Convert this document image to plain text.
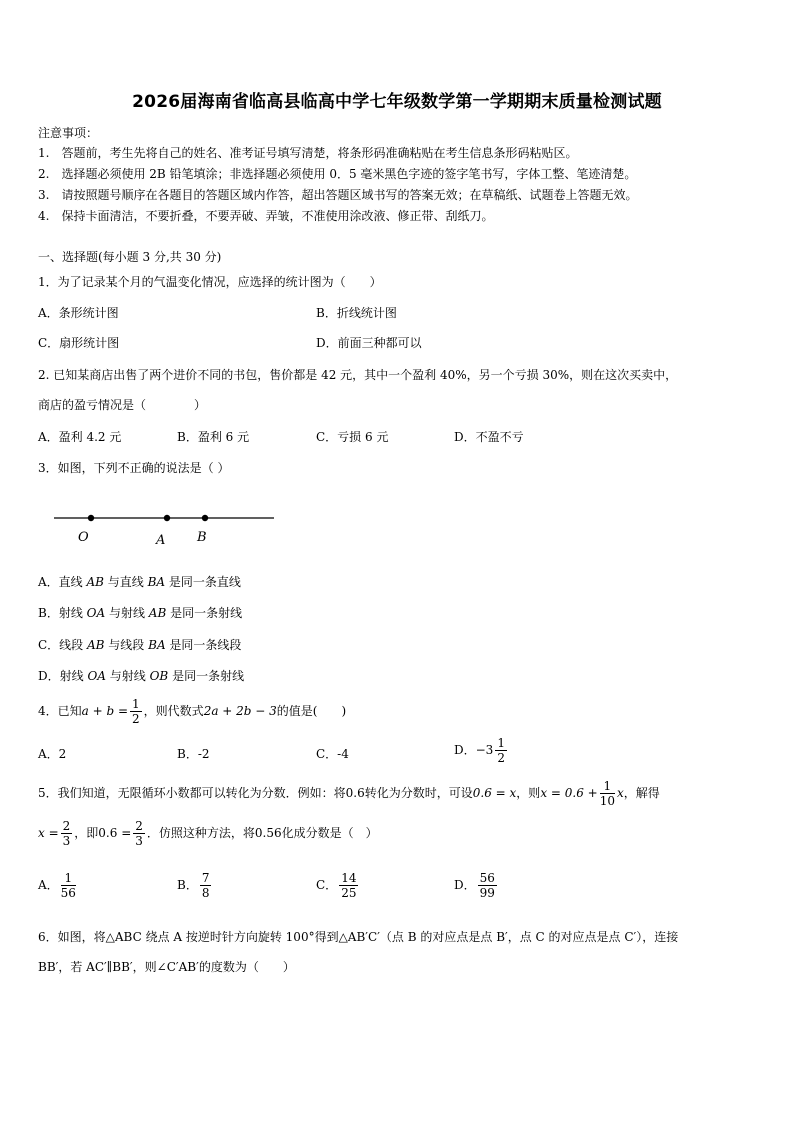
2026届海南省临高县临高中学七年级数学第一学期期末质量检测试题
注意事项：
1.　答题前，考生先将自己的姓名、准考证号填写清楚，将条形码准确粘贴在考生信息条形码粘贴区。
2.　选择题必须使用 2B 铅笔填涂；非选择题必须使用 0．5 毫米黑色字迹的签字笔书写，字体工整、笔迹清楚。
3.　请按照题号顺序在各题目的答题区域内作答，超出答题区域书写的答案无效；在草稿纸、试题卷上答题无效。
4.　保持卡面清洁，不要折叠，不要弄破、弄皱，不准使用涂改液、修正带、刮纸刀。
一、选择题(每小题 3 分,共 30 分)
1．为了记录某个月的气温变化情况，应选择的统计图为（　　）
A．条形统计图	B．折线统计图
C．扇形统计图	D．前面三种都可以
2. 已知某商店出售了两个进价不同的书包，售价都是 42 元，其中一个盈利 40%，另一个亏损 30%，则在这次买卖中，
商店的盈亏情况是（　　　　）
A．盈利 4.2 元	B．盈利 6 元	C．亏损 6 元	D．不盈不亏
3．如图，下列不正确的说法是（ ）
O	A B
A．直线 AB 与直线 BA 是同一条直线
B．射线 OA 与射线 AB 是同一条射线
C．线段 AB 与线段 BA 是同一条线段
D．射线 OA 与射线 OB 是同一条射线
4．已知$a + b = \frac{1}{2}$ ，则代数式2a + 2b − 3的值是(　　)
A．2	B．-2	C．-4	D．$-3 \frac{1}{2}$
5．我们知道，无限循环小数都可以转化为分数．例如：将0.6转化为分数时，可设0.6 = x，则$x = 0.6 + \frac{1}{10}$ x，解得
$x = \frac{2}{3}$ ，即$0.6 = \frac{2}{3}$ ．仿照这种方法，将0.56化成分数是（　）
A． $\frac{1}{56}$	B． $\frac{7}{8}$	C． $\frac{14}{25}$	D． $\frac{56}{99}$
6．如图，将△ABC 绕点 A 按逆时针方向旋转 100°得到△AB′C′（点 B 的对应点是点 B′，点 C 的对应点是点 C′），连接
BB′，若 AC′∥BB′，则∠C′AB′的度数为（　　）
